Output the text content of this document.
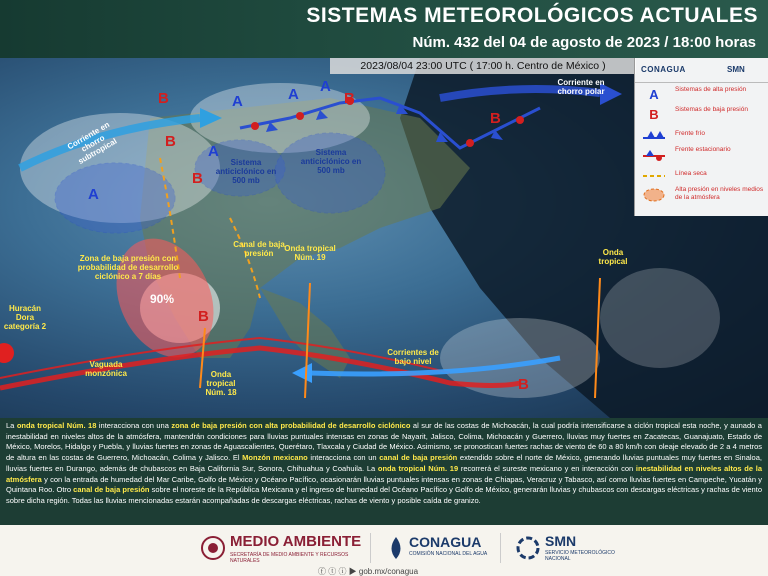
SISTEMAS METEOROLÓGICOS ACTUALES
Núm. 432 del 04 de agosto de 2023 / 18:00 horas
2023/08/04 23:00 UTC ( 17:00 h. Centro de México )
B	A	A A
B
A
B
B
A
B
B
B
Corriente en chorro subtropical
Corriente en chorro polar
Sistema anticiclónico en 500 mb
Sistema anticiclónico en 500 mb
Zona de baja presión con probabilidad de desarrollo ciclónico a 7 días
90%
Canal de baja presión
Onda tropical Núm. 19
Onda tropical
Onda tropical Núm. 18
Huracán Dora categoría 2
Vaguada monzónica
Corrientes de bajo nivel
CONAGUA	SMN
A	Sistemas de alta presión
B	Sistemas de baja presión
Frente frío
Frente estacionario
Línea seca
Alta presión en niveles medios de la atmósfera

La onda tropical Núm. 18 interacciona con una zona de baja presión con alta probabilidad de desarrollo ciclónico al sur de las costas de Michoacán, la cual podría intensificarse a ciclón tropical esta noche, y aunado a inestabilidad en niveles altos de la atmósfera, mantendrán condiciones para lluvias puntuales intensas en zonas de Nayarit, Jalisco, Colima, Michoacán y Guerrero, lluvias muy fuertes en Zacatecas, Guanajuato, Estado de México, Morelos, Hidalgo y Puebla, y lluvias fuertes en zonas de Aguascalientes, Querétaro, Tlaxcala y Ciudad de México. Asimismo, se pronostican fuertes rachas de viento de 60 a 80 km/h con oleaje elevado de 2 a 4 metros de altura en las costas de Guerrero, Michoacán, Colima y Jalisco. El Monzón mexicano interacciona con un canal de baja presión extendido sobre el norte de México, generando lluvias puntuales muy fuertes en Sinaloa, lluvias fuertes en Durango, además de chubascos en Baja California Sur, Sonora, Chihuahua y Coahuila. La onda tropical Núm. 19 recorrerá el sureste mexicano y en interacción con inestabilidad en niveles altos de la atmósfera y con la entrada de humedad del Mar Caribe, Golfo de México y Océano Pacífico, ocasionarán lluvias puntuales intensas en zonas de Chiapas, Veracruz y Tabasco, así como lluvias fuertes en Campeche, Yucatán y Quintana Roo. Otro canal de baja presión sobre el noreste de la República Mexicana y el ingreso de humedad del Océano Pacífico y Golfo de México, generarán lluvias y chubascos con descargas eléctricas y rachas de viento sobre dicha región. Todas las lluvias mencionadas estarán acompañadas de descargas eléctricas, rachas de viento y posible caída de granizo.

MEDIO AMBIENTE
SECRETARÍA DE MEDIO AMBIENTE Y RECURSOS NATURALES
CONAGUA
COMISIÓN NACIONAL DEL AGUA
SMN
SERVICIO METEOROLÓGICO NACIONAL
ⓕ ⓣ ⓘ ▶ gob.mx/conagua
